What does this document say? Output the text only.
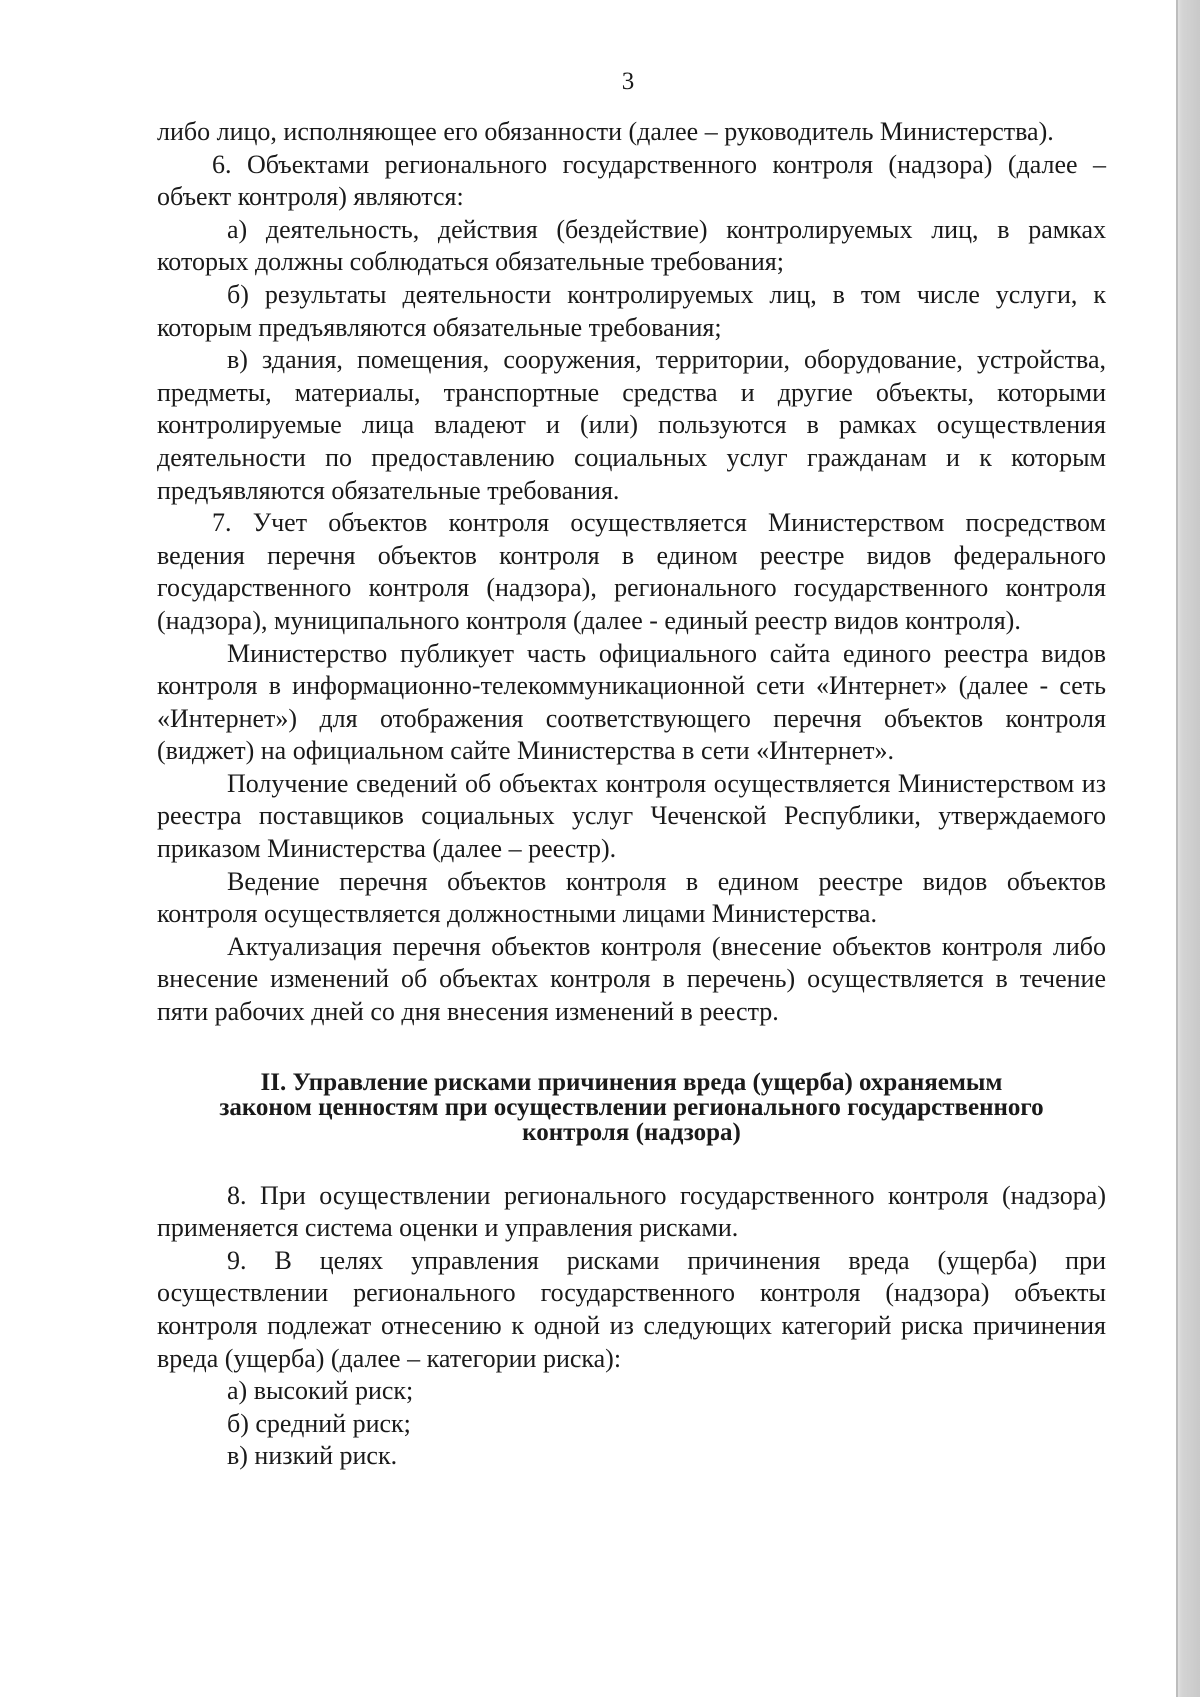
3

либо лицо, исполняющее его обязанности (далее – руководитель Министерства).

6. Объектами регионального государственного контроля (надзора) (далее – объект контроля) являются:

а) деятельность, действия (бездействие) контролируемых лиц, в рамках которых должны соблюдаться обязательные требования;

б) результаты деятельности контролируемых лиц, в том числе услуги, к которым предъявляются обязательные требования;

в) здания, помещения, сооружения, территории, оборудование, устройства, предметы, материалы, транспортные средства и другие объекты, которыми контролируемые лица владеют и (или) пользуются в рамках осуществления деятельности по предоставлению социальных услуг гражданам и к которым предъявляются обязательные требования.

7. Учет объектов контроля осуществляется Министерством посредством ведения перечня объектов контроля в едином реестре видов федерального государственного контроля (надзора), регионального государственного контроля (надзора), муниципального контроля (далее - единый реестр видов контроля).

Министерство публикует часть официального сайта единого реестра видов контроля в информационно-телекоммуникационной сети «Интернет» (далее - сеть «Интернет») для отображения соответствующего перечня объектов контроля (виджет) на официальном сайте Министерства в сети «Интернет».

Получение сведений об объектах контроля осуществляется Министерством из реестра поставщиков социальных услуг Чеченской Республики, утверждаемого приказом Министерства (далее – реестр).

Ведение перечня объектов контроля в едином реестре видов объектов контроля осуществляется должностными лицами Министерства.

Актуализация перечня объектов контроля (внесение объектов контроля либо внесение изменений об объектах контроля в перечень) осуществляется в течение пяти рабочих дней со дня внесения изменений в реестр.

II. Управление рисками причинения вреда (ущерба) охраняемым
законом ценностям при осуществлении регионального государственного
контроля (надзора)

8. При осуществлении регионального государственного контроля (надзора) применяется система оценки и управления рисками.

9. В целях управления рисками причинения вреда (ущерба) при осуществлении регионального государственного контроля (надзора) объекты контроля подлежат отнесению к одной из следующих категорий риска причинения вреда (ущерба) (далее – категории риска):

а) высокий риск;

б) средний риск;

в) низкий риск.
